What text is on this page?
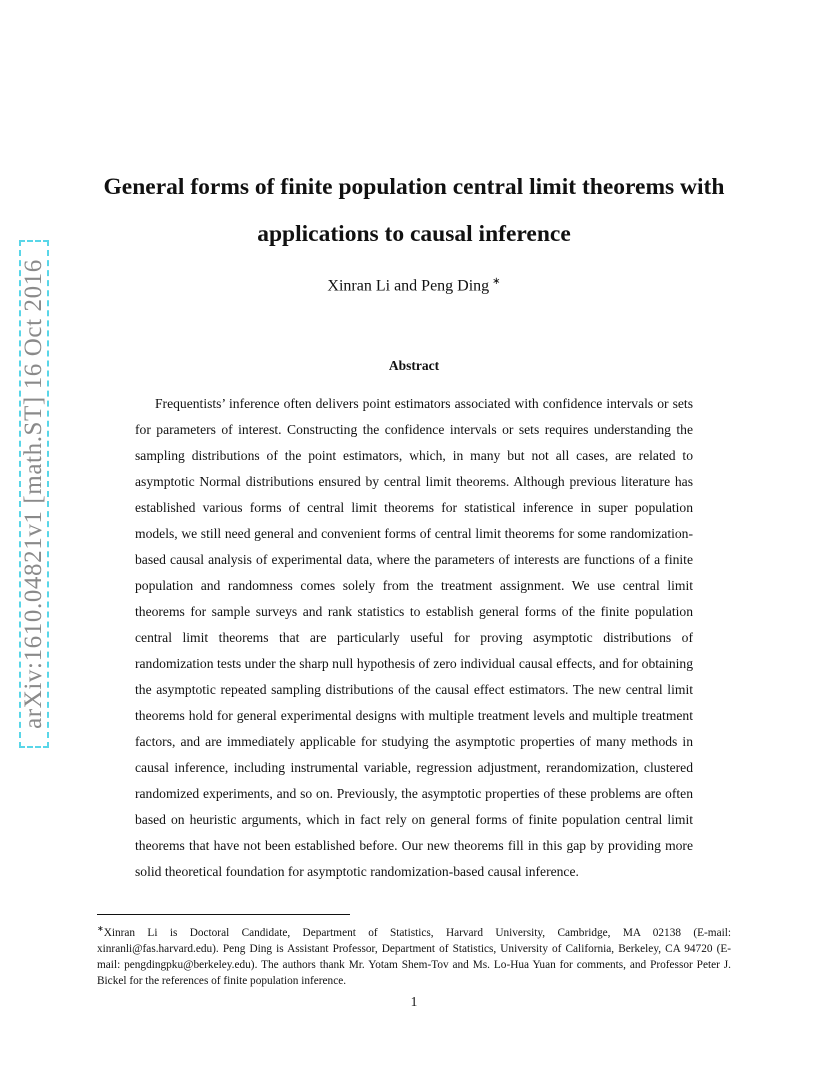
arXiv:1610.04821v1 [math.ST] 16 Oct 2016
General forms of finite population central limit theorems with applications to causal inference
Xinran Li and Peng Ding ∗
Abstract

Frequentists’ inference often delivers point estimators associated with confidence intervals or sets for parameters of interest. Constructing the confidence intervals or sets requires understanding the sampling distributions of the point estimators, which, in many but not all cases, are related to asymptotic Normal distributions ensured by central limit theorems. Although previous literature has established various forms of central limit theorems for statistical inference in super population models, we still need general and convenient forms of central limit theorems for some randomization-based causal analysis of experimental data, where the parameters of interests are functions of a finite population and randomness comes solely from the treatment assignment. We use central limit theorems for sample surveys and rank statistics to establish general forms of the finite population central limit theorems that are particularly useful for proving asymptotic distributions of randomization tests under the sharp null hypothesis of zero individual causal effects, and for obtaining the asymptotic repeated sampling distributions of the causal effect estimators. The new central limit theorems hold for general experimental designs with multiple treatment levels and multiple treatment factors, and are immediately applicable for studying the asymptotic properties of many methods in causal inference, including instrumental variable, regression adjustment, rerandomization, clustered randomized experiments, and so on. Previously, the asymptotic properties of these problems are often based on heuristic arguments, which in fact rely on general forms of finite population central limit theorems that have not been established before. Our new theorems fill in this gap by providing more solid theoretical foundation for asymptotic randomization-based causal inference.

∗Xinran Li is Doctoral Candidate, Department of Statistics, Harvard University, Cambridge, MA 02138 (E-mail: xinranli@fas.harvard.edu). Peng Ding is Assistant Professor, Department of Statistics, University of California, Berkeley, CA 94720 (E-mail: pengdingpku@berkeley.edu). The authors thank Mr. Yotam Shem-Tov and Ms. Lo-Hua Yuan for comments, and Professor Peter J. Bickel for the references of finite population inference.

1
